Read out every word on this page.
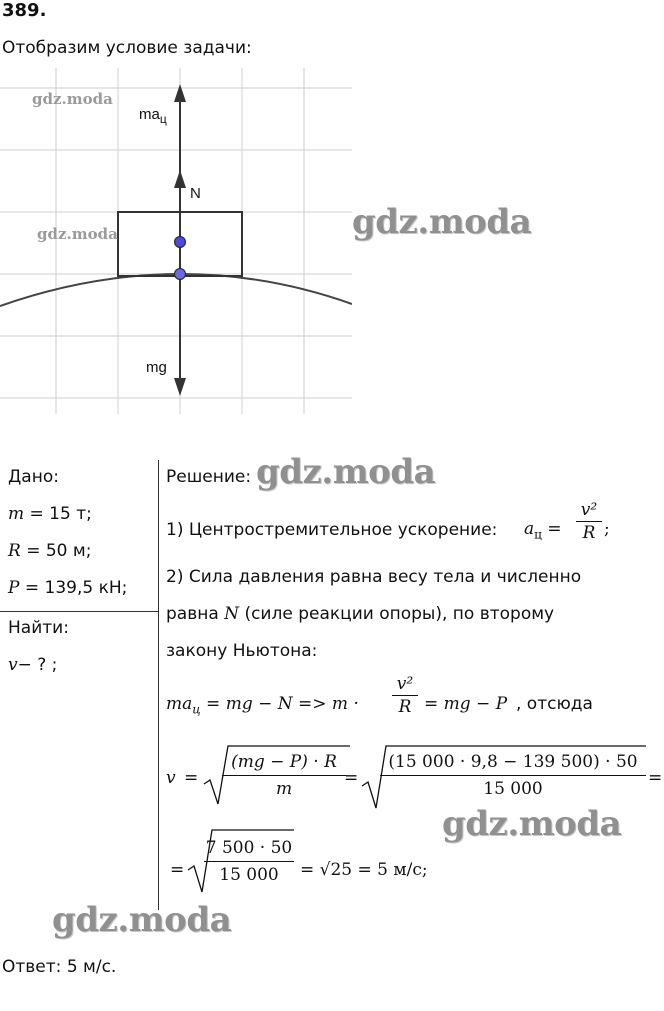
389.
Отобразим условие задачи:
$ma_ц$
N
mg
gdz.moda
gdz.moda	gdz.moda
Дано:
m = 15 т;
R = 50 м;
P = 139,5 кН;
Найти:
v− ? ;
Решение: gdz.moda
1) Центростремительное ускорение: $a_ц$ =
v²
R ;
2) Сила давления равна весу тела и численно
равна N (силе реакции опоры), по второму
закону Ньютона:
$ma_ц$ = mg − N => m ·
v²
R = mg − P , отсюда
v =
(mg − P) · R
m
=
(15 000 · 9,8 − 139 500) · 50
15 000
=
gdz.moda
=
7 500 · 50
15 000	= √25 = 5 м/с;
gdz.moda
Ответ: 5 м/с.
